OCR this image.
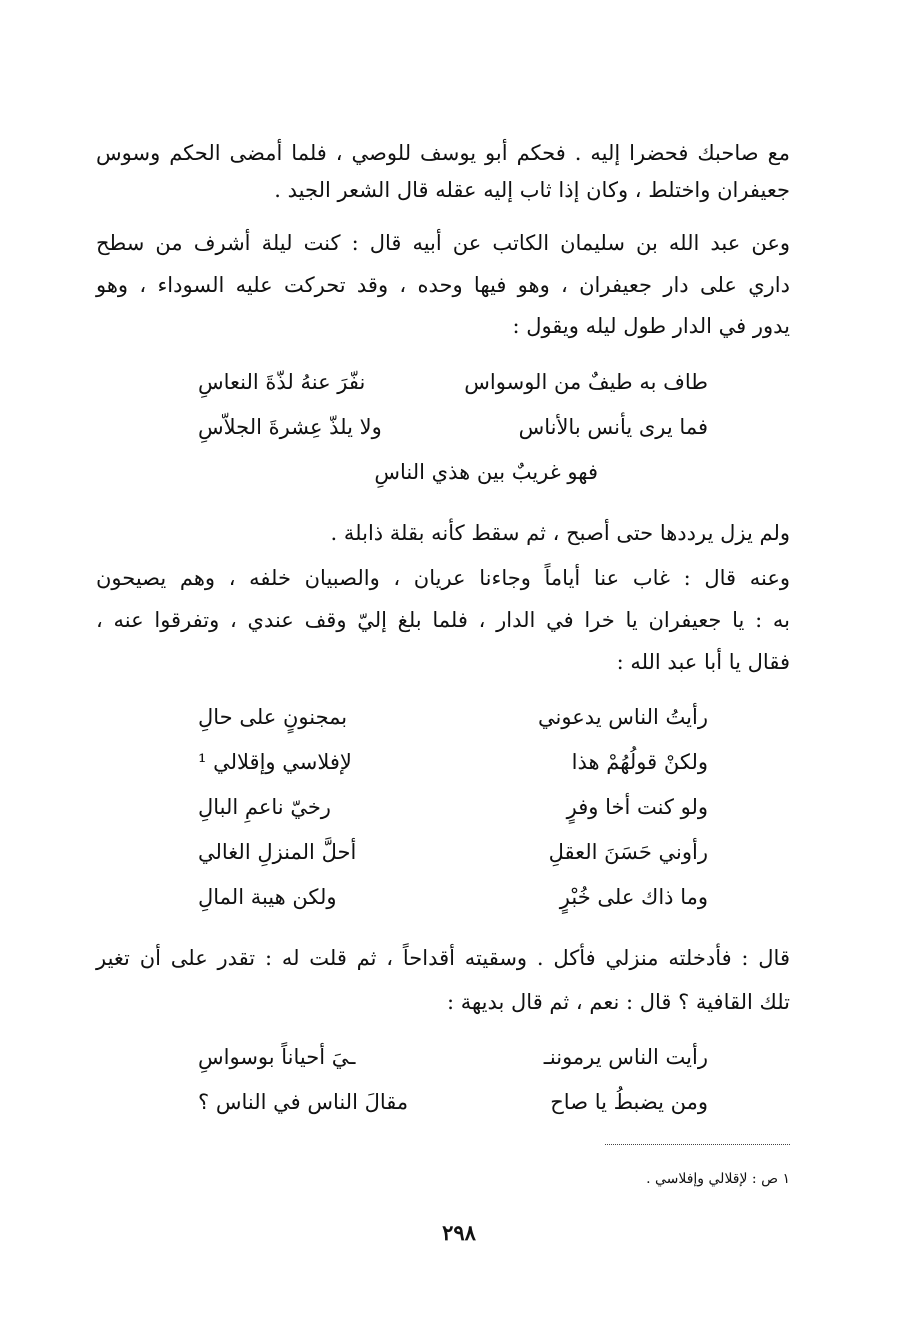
مع صاحبك فحضرا إليه . فحكم أبو يوسف للوصي ، فلما أمضى الحكم وسوس
جعيفران واختلط ، وكان إذا ثاب إليه عقله قال الشعر الجيد .
وعن عبد الله بن سليمان الكاتب عن أبيه قال : كنت ليلة أشرف من سطح
داري على دار جعيفران ، وهو فيها وحده ، وقد تحركت عليه السوداء ، وهو
يدور في الدار طول ليله ويقول :
طاف به طيفٌ من الوسواس
نفّرَ عنهُ لذّةَ النعاسِ
فما يرى يأنس بالأناس
ولا يلذّ عِشرةَ الجلاّسِ
فهو غريبٌ بين هذي الناسِ
ولم يزل يرددها حتى أصبح ، ثم سقط كأنه بقلة ذابلة .
وعنه قال : غاب عنا أياماً وجاءنا عريان ، والصبيان خلفه ، وهم يصيحون
به : يا جعيفران يا خرا في الدار ، فلما بلغ إليّ وقف عندي ، وتفرقوا عنه ،
فقال يا أبا عبد الله :
رأيتُ الناس يدعوني
بمجنونٍ على حالِ
ولكنْ قولُهُمْ هذا
لإفلاسي وإقلالي ¹
ولو كنت أخا وفرٍ
رخيّ ناعمِ البالِ
رأوني حَسَنَ العقلِ
أحلَّ المنزلِ الغالي
وما ذاك على خُبْرٍ
ولكن هيبة المالِ
قال : فأدخلته منزلي فأكل . وسقيته أقداحاً ، ثم قلت له : تقدر على أن تغير
تلك القافية ؟ قال : نعم ، ثم قال بديهة :
رأيت الناس يرموننـ
ـيَ أحياناً بوسواسِ
ومن يضبطُ يا صاح
مقالَ الناس في الناس ؟
١ ص : لإقلالي وإفلاسي .
٢٩٨
